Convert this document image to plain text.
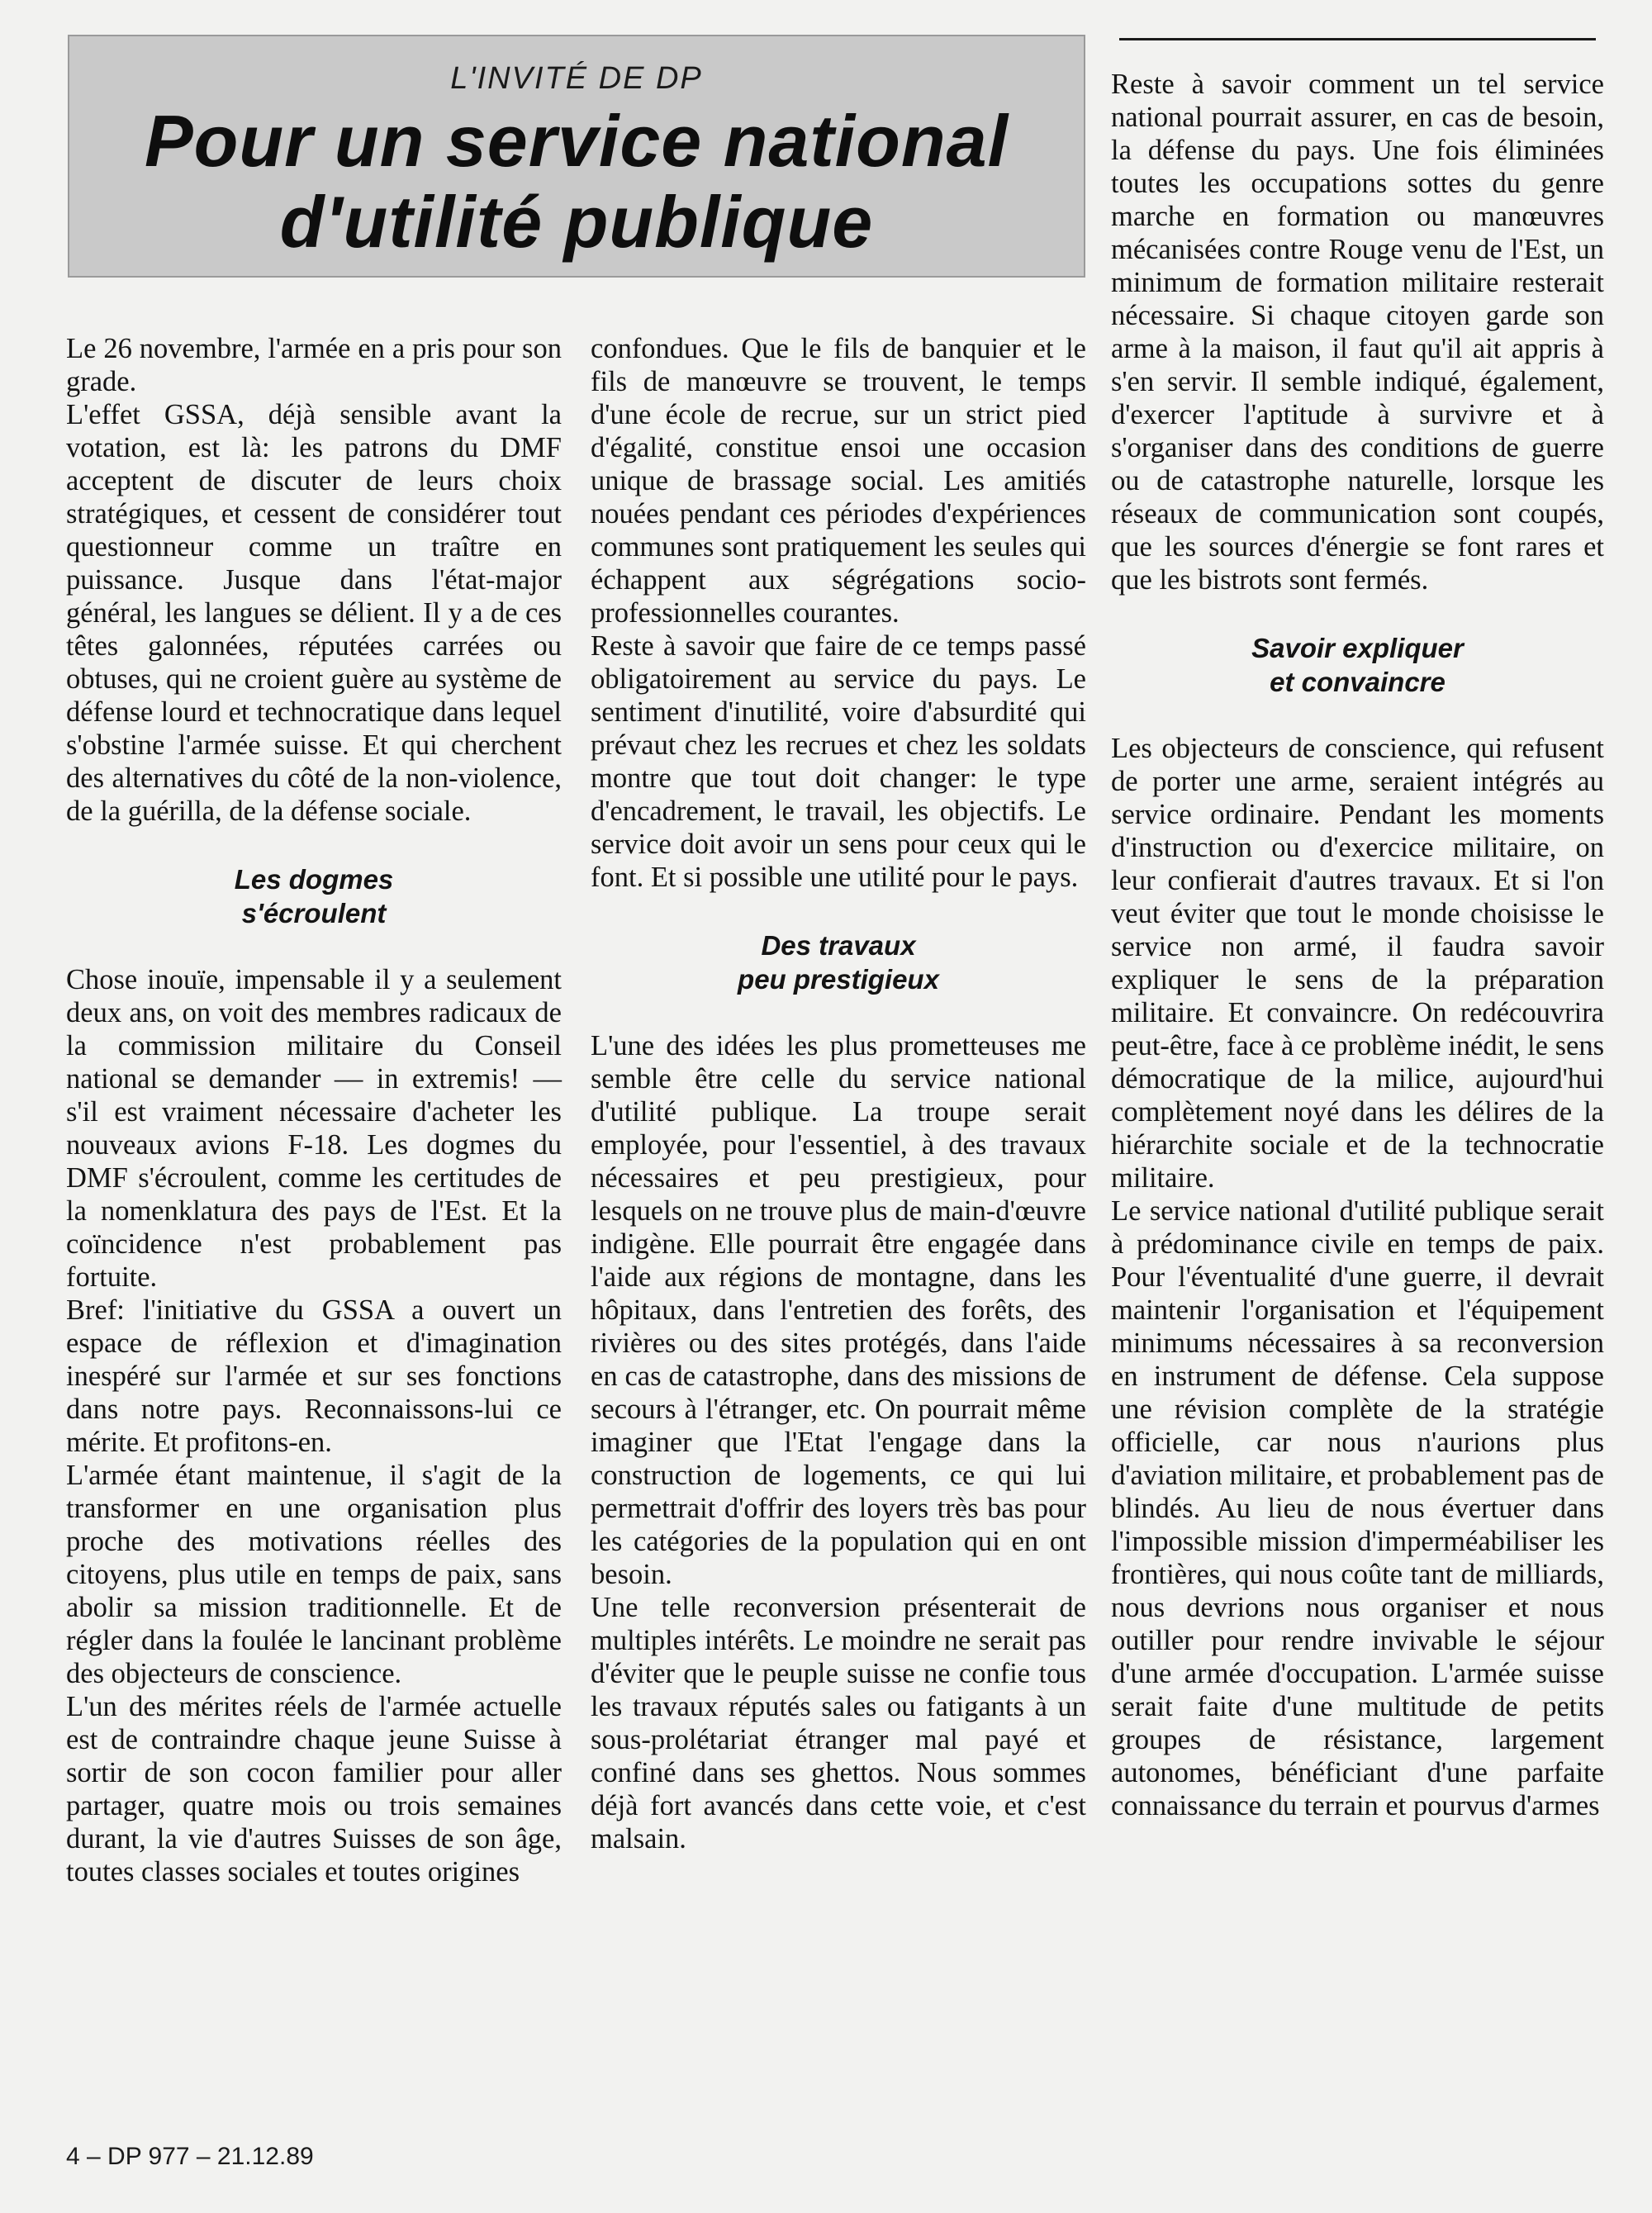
L'INVITÉ DE DP
Pour un service national
d'utilité publique

Le 26 novembre, l'armée en a pris pour son grade.

L'effet GSSA, déjà sensible avant la votation, est là: les patrons du DMF acceptent de discuter de leurs choix stratégiques, et cessent de considérer tout questionneur comme un traître en puissance. Jusque dans l'état-major général, les langues se délient. Il y a de ces têtes galonnées, réputées carrées ou obtuses, qui ne croient guère au système de défense lourd et technocratique dans lequel s'obstine l'armée suisse. Et qui cherchent des alternatives du côté de la non-violence, de la guérilla, de la défense sociale.

Les dogmes
s'écroulent

Chose inouïe, impensable il y a seulement deux ans, on voit des membres radicaux de la commission militaire du Conseil national se demander — in extremis! — s'il est vraiment nécessaire d'acheter les nouveaux avions F-18. Les dogmes du DMF s'écroulent, comme les certitudes de la nomenklatura des pays de l'Est. Et la coïncidence n'est probablement pas fortuite.

Bref: l'initiative du GSSA a ouvert un espace de réflexion et d'imagination inespéré sur l'armée et sur ses fonctions dans notre pays. Reconnaissons-lui ce mérite. Et profitons-en.

L'armée étant maintenue, il s'agit de la transformer en une organisation plus proche des motivations réelles des citoyens, plus utile en temps de paix, sans abolir sa mission traditionnelle. Et de régler dans la foulée le lancinant problème des objecteurs de conscience.

L'un des mérites réels de l'armée actuelle est de contraindre chaque jeune Suisse à sortir de son cocon familier pour aller partager, quatre mois ou trois semaines durant, la vie d'autres Suisses de son âge, toutes classes sociales et toutes origines

confondues. Que le fils de banquier et le fils de manœuvre se trouvent, le temps d'une école de recrue, sur un strict pied d'égalité, constitue ensoi une occasion unique de brassage social. Les amitiés nouées pendant ces périodes d'expériences communes sont pratiquement les seules qui échappent aux ségrégations socio-professionnelles courantes.

Reste à savoir que faire de ce temps passé obligatoirement au service du pays. Le sentiment d'inutilité, voire d'absurdité qui prévaut chez les recrues et chez les soldats montre que tout doit changer: le type d'encadrement, le travail, les objectifs. Le service doit avoir un sens pour ceux qui le font. Et si possible une utilité pour le pays.

Des travaux
peu prestigieux

L'une des idées les plus prometteuses me semble être celle du service national d'utilité publique. La troupe serait employée, pour l'essentiel, à des travaux nécessaires et peu prestigieux, pour lesquels on ne trouve plus de main-d'œuvre indigène. Elle pourrait être engagée dans l'aide aux régions de montagne, dans les hôpitaux, dans l'entretien des forêts, des rivières ou des sites protégés, dans l'aide en cas de catastrophe, dans des missions de secours à l'étranger, etc. On pourrait même imaginer que l'Etat l'engage dans la construction de logements, ce qui lui permettrait d'offrir des loyers très bas pour les catégories de la population qui en ont besoin.

Une telle reconversion présenterait de multiples intérêts. Le moindre ne serait pas d'éviter que le peuple suisse ne confie tous les travaux réputés sales ou fatigants à un sous-prolétariat étranger mal payé et confiné dans ses ghettos. Nous sommes déjà fort avancés dans cette voie, et c'est malsain.

Reste à savoir comment un tel service national pourrait assurer, en cas de besoin, la défense du pays. Une fois éliminées toutes les occupations sottes du genre marche en formation ou manœuvres mécanisées contre Rouge venu de l'Est, un minimum de formation militaire resterait nécessaire. Si chaque citoyen garde son arme à la maison, il faut qu'il ait appris à s'en servir. Il semble indiqué, également, d'exercer l'aptitude à survivre et à s'organiser dans des conditions de guerre ou de catastrophe naturelle, lorsque les réseaux de communication sont coupés, que les sources d'énergie se font rares et que les bistrots sont fermés.

Savoir expliquer
et convaincre

Les objecteurs de conscience, qui refusent de porter une arme, seraient intégrés au service ordinaire. Pendant les moments d'instruction ou d'exercice militaire, on leur confierait d'autres travaux. Et si l'on veut éviter que tout le monde choisisse le service non armé, il faudra savoir expliquer le sens de la préparation militaire. Et convaincre. On redécouvrira peut-être, face à ce problème inédit, le sens démocratique de la milice, aujourd'hui complètement noyé dans les délires de la hiérarchite sociale et de la technocratie militaire.

Le service national d'utilité publique serait à prédominance civile en temps de paix. Pour l'éventualité d'une guerre, il devrait maintenir l'organisation et l'équipement minimums nécessaires à sa reconversion en instrument de défense. Cela suppose une révision complète de la stratégie officielle, car nous n'aurions plus d'aviation militaire, et probablement pas de blindés. Au lieu de nous évertuer dans l'impossible mission d'imperméabiliser les frontières, qui nous coûte tant de milliards, nous devrions nous organiser et nous outiller pour rendre invivable le séjour d'une armée d'occupation. L'armée suisse serait faite d'une multitude de petits groupes de résistance, largement autonomes, bénéficiant d'une parfaite connaissance du terrain et pourvus d'armes

4 – DP 977 – 21.12.89
